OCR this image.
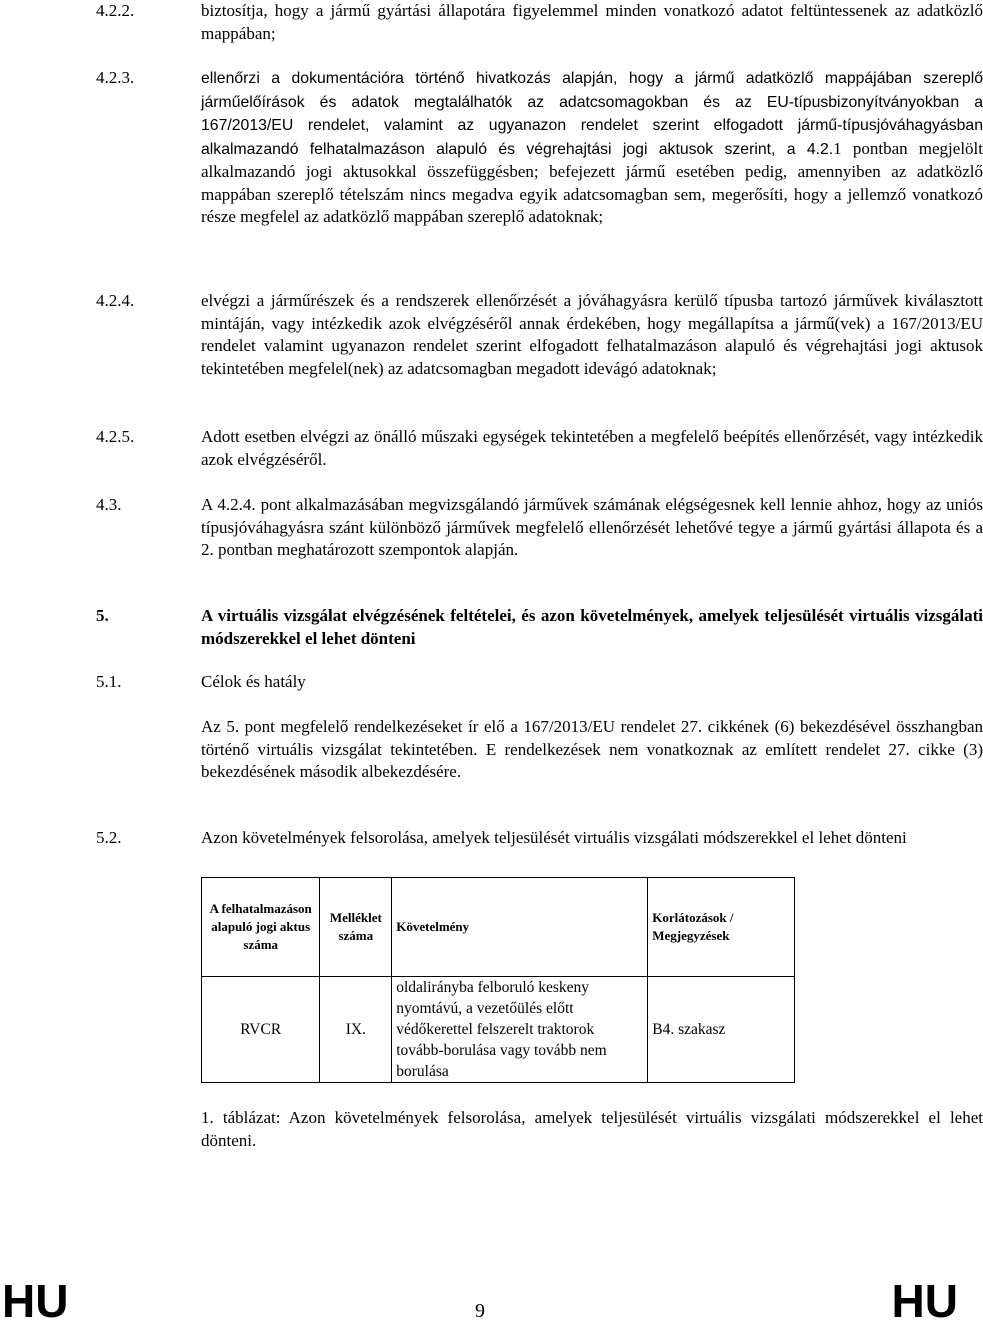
4.2.2.	biztosítja, hogy a jármű gyártási állapotára figyelemmel minden vonatkozó adatot feltüntessenek az adatközlő mappában;
4.2.3.	ellenőrzi a dokumentációra történő hivatkozás alapján, hogy a jármű adatközlő mappájában szereplő járműelőírások és adatok megtalálhatók az adatcsomagokban és az EU-típusbizonyítványokban a 167/2013/EU rendelet, valamint az ugyanazon rendelet szerint elfogadott jármű-típusjóváhagyásban alkalmazandó felhatalmazáson alapuló és végrehajtási jogi aktusok szerint, a 4.2.1 pontban megjelölt alkalmazandó jogi aktusokkal összefüggésben; befejezett jármű esetében pedig, amennyiben az adatközlő mappában szereplő tételszám nincs megadva egyik adatcsomagban sem, megerősíti, hogy a jellemző vonatkozó része megfelel az adatközlő mappában szereplő adatoknak;
4.2.4.	elvégzi a járműrészek és a rendszerek ellenőrzését a jóváhagyásra kerülő típusba tartozó járművek kiválasztott mintáján, vagy intézkedik azok elvégzéséről annak érdekében, hogy megállapítsa a jármű(vek) a 167/2013/EU rendelet valamint ugyanazon rendelet szerint elfogadott felhatalmazáson alapuló és végrehajtási jogi aktusok tekintetében megfelel(nek) az adatcsomagban megadott idevágó adatoknak;
4.2.5.	Adott esetben elvégzi az önálló műszaki egységek tekintetében a megfelelő beépítés ellenőrzését, vagy intézkedik azok elvégzéséről.
4.3.	A 4.2.4. pont alkalmazásában megvizsgálandó járművek számának elégségesnek kell lennie ahhoz, hogy az uniós típusjóváhagyásra szánt különböző járművek megfelelő ellenőrzését lehetővé tegye a jármű gyártási állapota és a 2. pontban meghatározott szempontok alapján.
5.	A virtuális vizsgálat elvégzésének feltételei, és azon követelmények, amelyek teljesülését virtuális vizsgálati módszerekkel el lehet dönteni
5.1.	Célok és hatály
Az 5. pont megfelelő rendelkezéseket ír elő a 167/2013/EU rendelet 27. cikkének (6) bekezdésével összhangban történő virtuális vizsgálat tekintetében. E rendelkezések nem vonatkoznak az említett rendelet 27. cikke (3) bekezdésének második albekezdésére.
5.2.	Azon követelmények felsorolása, amelyek teljesülését virtuális vizsgálati módszerekkel el lehet dönteni
A felhatalmazáson alapuló jogi aktus száma	Melléklet száma	Követelmény	Korlátozások / Megjegyzések
RVCR	IX.	oldalirányba felboruló keskeny nyomtávú, a vezetőülés előtt védőkerettel felszerelt traktorok tovább-borulása vagy tovább nem borulása	B4. szakasz
1. táblázat: Azon követelmények felsorolása, amelyek teljesülését virtuális vizsgálati módszerekkel el lehet dönteni.
HU	9	HU
